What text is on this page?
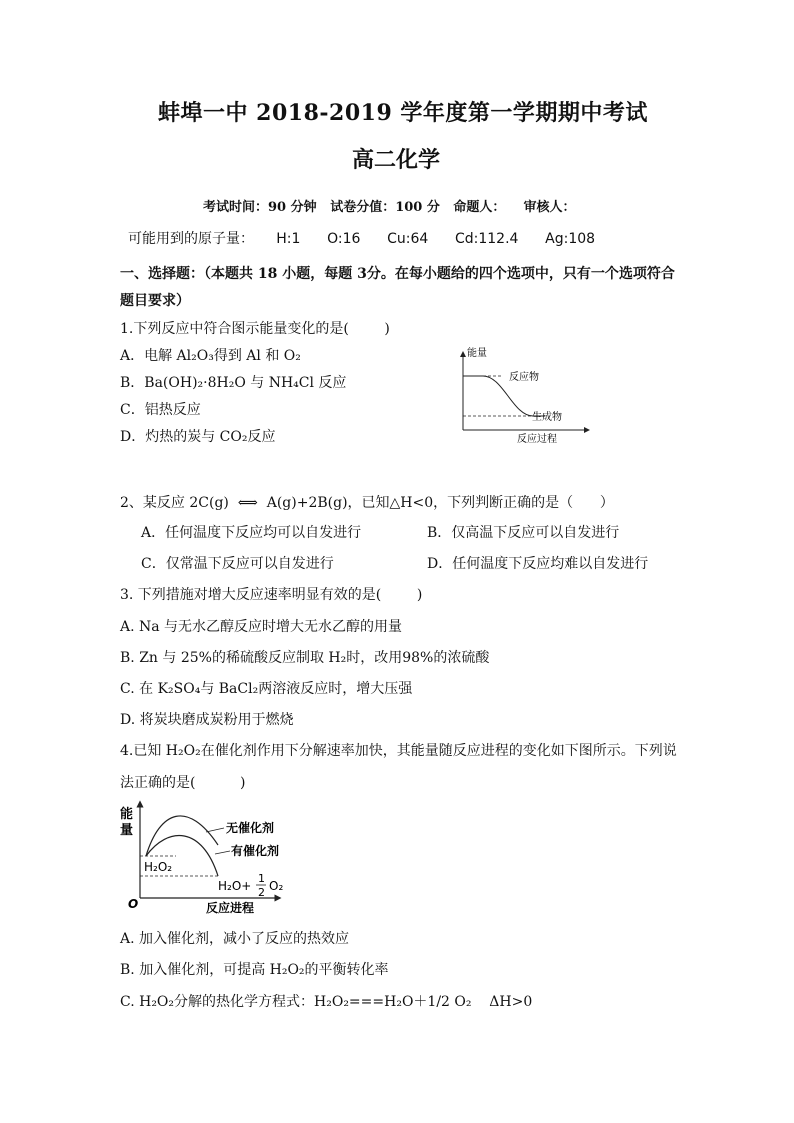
蚌埠一中 2018-2019 学年度第一学期期中考试
高二化学
考试时间：90 分钟   试卷分值：100 分   命题人：    审核人：
可能用到的原子量：     H:1      O:16      Cu:64      Cd:112.4      Ag:108
一、选择题：（本题共 18 小题，每题 3分。在每小题给的四个选项中，只有一个选项符合
题目要求）
1.下列反应中符合图示能量变化的是(        )
A．电解 Al₂O₃得到 Al 和 O₂
B．Ba(OH)₂·8H₂O 与 NH₄Cl 反应
C．铝热反应
D．灼热的炭与 CO₂反应
能量
反应物
生成物
反应过程
2、某反应 2C(g)  ⟺  A(g)+2B(g)，已知△H<0，下列判断正确的是（      ）
A．任何温度下反应均可以自发进行	B．仅高温下反应可以自发进行
C．仅常温下反应可以自发进行	D．任何温度下反应均难以自发进行
3. 下列措施对增大反应速率明显有效的是(        )
A. Na 与无水乙醇反应时增大无水乙醇的用量
B. Zn 与 25%的稀硫酸反应制取 H₂时，改用98%的浓硫酸
C. 在 K₂SO₄与 BaCl₂两溶液反应时，增大压强
D. 将炭块磨成炭粉用于燃烧
4.已知 H₂O₂在催化剂作用下分解速率加快，其能量随反应进程的变化如下图所示。下列说
法正确的是(          )
能
量	无催化剂
有催化剂
H₂O₂
H₂O+
1
2 O₂
O	反应进程
A. 加入催化剂，减小了反应的热效应
B. 加入催化剂，可提高 H₂O₂的平衡转化率
C. H₂O₂分解的热化学方程式：H₂O₂===H₂O＋1/2 O₂    ΔH>0
